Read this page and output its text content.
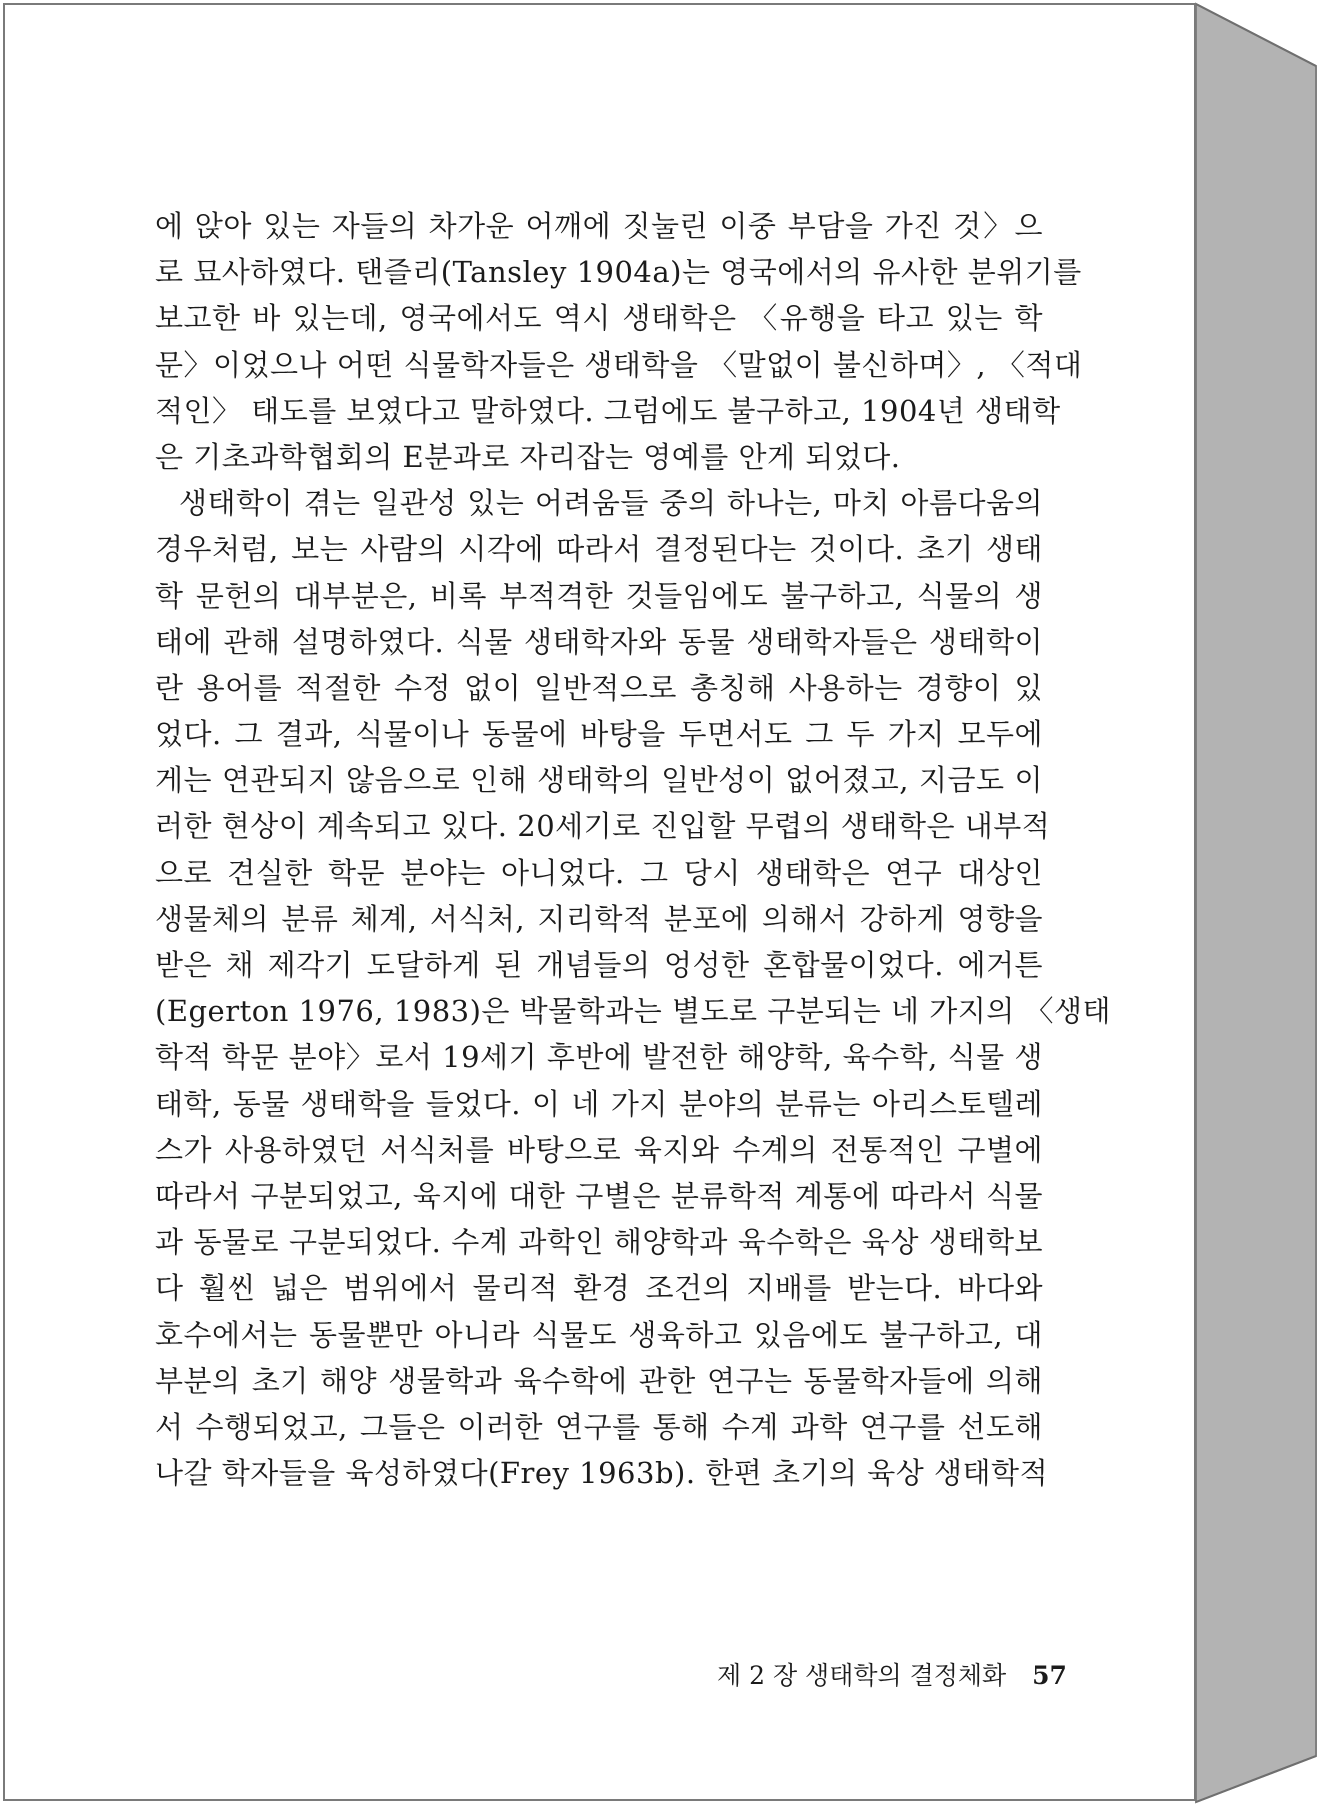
에 앉아 있는 자들의 차가운 어깨에 짓눌린 이중 부담을 가진 것〉으
로 묘사하였다. 탠즐리(Tansley 1904a)는 영국에서의 유사한 분위기를
보고한 바 있는데, 영국에서도 역시 생태학은 〈유행을 타고 있는 학
문〉이었으나 어떤 식물학자들은 생태학을 〈말없이 불신하며〉, 〈적대
적인〉 태도를 보였다고 말하였다. 그럼에도 불구하고, 1904년 생태학
은 기초과학협회의 E분과로 자리잡는 영예를 안게 되었다.
생태학이 겪는 일관성 있는 어려움들 중의 하나는, 마치 아름다움의
경우처럼, 보는 사람의 시각에 따라서 결정된다는 것이다. 초기 생태
학 문헌의 대부분은, 비록 부적격한 것들임에도 불구하고, 식물의 생
태에 관해 설명하였다. 식물 생태학자와 동물 생태학자들은 생태학이
란 용어를 적절한 수정 없이 일반적으로 총칭해 사용하는 경향이 있
었다. 그 결과, 식물이나 동물에 바탕을 두면서도 그 두 가지 모두에
게는 연관되지 않음으로 인해 생태학의 일반성이 없어졌고, 지금도 이
러한 현상이 계속되고 있다. 20세기로 진입할 무렵의 생태학은 내부적
으로 견실한 학문 분야는 아니었다. 그 당시 생태학은 연구 대상인
생물체의 분류 체계, 서식처, 지리학적 분포에 의해서 강하게 영향을
받은 채 제각기 도달하게 된 개념들의 엉성한 혼합물이었다. 에거튼
(Egerton 1976, 1983)은 박물학과는 별도로 구분되는 네 가지의 〈생태
학적 학문 분야〉로서 19세기 후반에 발전한 해양학, 육수학, 식물 생
태학, 동물 생태학을 들었다. 이 네 가지 분야의 분류는 아리스토텔레
스가 사용하였던 서식처를 바탕으로 육지와 수계의 전통적인 구별에
따라서 구분되었고, 육지에 대한 구별은 분류학적 계통에 따라서 식물
과 동물로 구분되었다. 수계 과학인 해양학과 육수학은 육상 생태학보
다 훨씬 넓은 범위에서 물리적 환경 조건의 지배를 받는다. 바다와
호수에서는 동물뿐만 아니라 식물도 생육하고 있음에도 불구하고, 대
부분의 초기 해양 생물학과 육수학에 관한 연구는 동물학자들에 의해
서 수행되었고, 그들은 이러한 연구를 통해 수계 과학 연구를 선도해
나갈 학자들을 육성하였다(Frey 1963b). 한편 초기의 육상 생태학적
제 2 장 생태학의 결정체화 57
